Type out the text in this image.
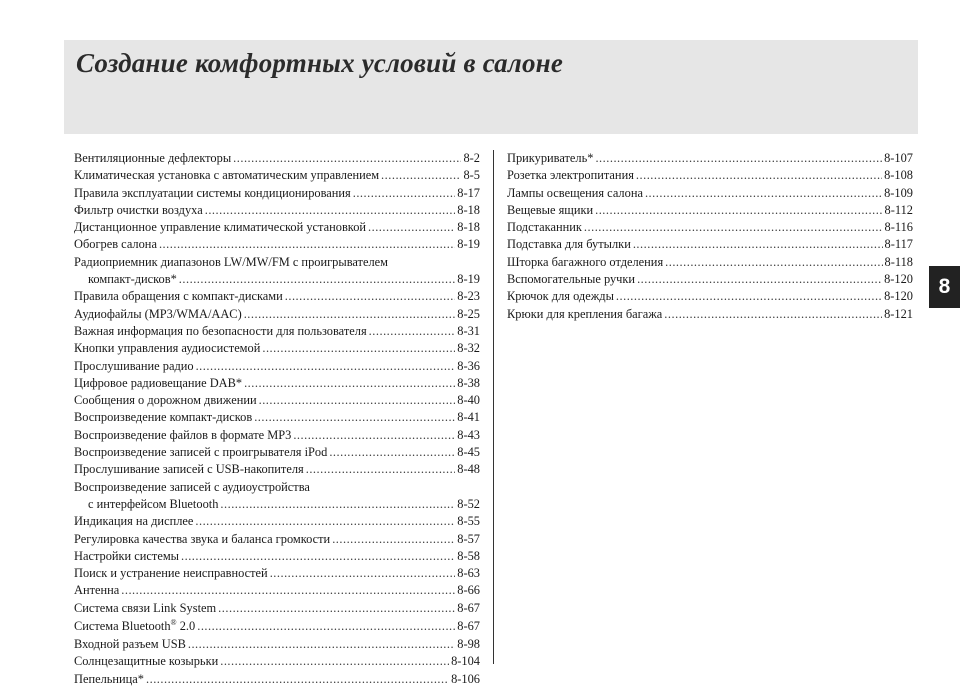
Создание комфортных условий в салоне
8
Вентиляционные дефлекторы .....	8-2
Климатическая установка с автоматическим управлением .....	8-5
Правила эксплуатации системы кондиционирования .....	8-17
Фильтр очистки воздуха .....	8-18
Дистанционное управление климатической установкой .....	8-18
Обогрев салона .....	8-19
Радиоприемник диапазонов LW/MW/FM с проигрывателем
компакт-дисков* .....	8-19
Правила обращения с компакт-дисками .....	8-23
Аудиофайлы (MP3/WMA/AAC) .....	8-25
Важная информация по безопасности для пользователя .....	8-31
Кнопки управления аудиосистемой .....	8-32
Прослушивание радио .....	8-36
Цифровое радиовещание DAB* .....	8-38
Сообщения о дорожном движении .....	8-40
Воспроизведение компакт-дисков .....	8-41
Воспроизведение файлов в формате MP3 .....	8-43
Воспроизведение записей с проигрывателя iPod .....	8-45
Прослушивание записей с USB-накопителя .....	8-48
Воспроизведение записей с аудиоустройства
с интерфейсом Bluetooth .....	8-52
Индикация на дисплее .....	8-55
Регулировка качества звука и баланса громкости .....	8-57
Настройки системы .....	8-58
Поиск и устранение неисправностей .....	8-63
Антенна .....	8-66
Система связи Link System .....	8-67
Система Bluetooth® 2.0 .....	8-67
Входной разъем USB .....	8-98
Солнцезащитные козырьки .....	8-104
Пепельница* .....	8-106
Прикуриватель* .....	8-107
Розетка электропитания .....	8-108
Лампы освещения салона .....	8-109
Вещевые ящики .....	8-112
Подстаканник .....	8-116
Подставка для бутылки .....	8-117
Шторка багажного отделения .....	8-118
Вспомогательные ручки .....	8-120
Крючок для одежды .....	8-120
Крюки для крепления багажа .....	8-121
